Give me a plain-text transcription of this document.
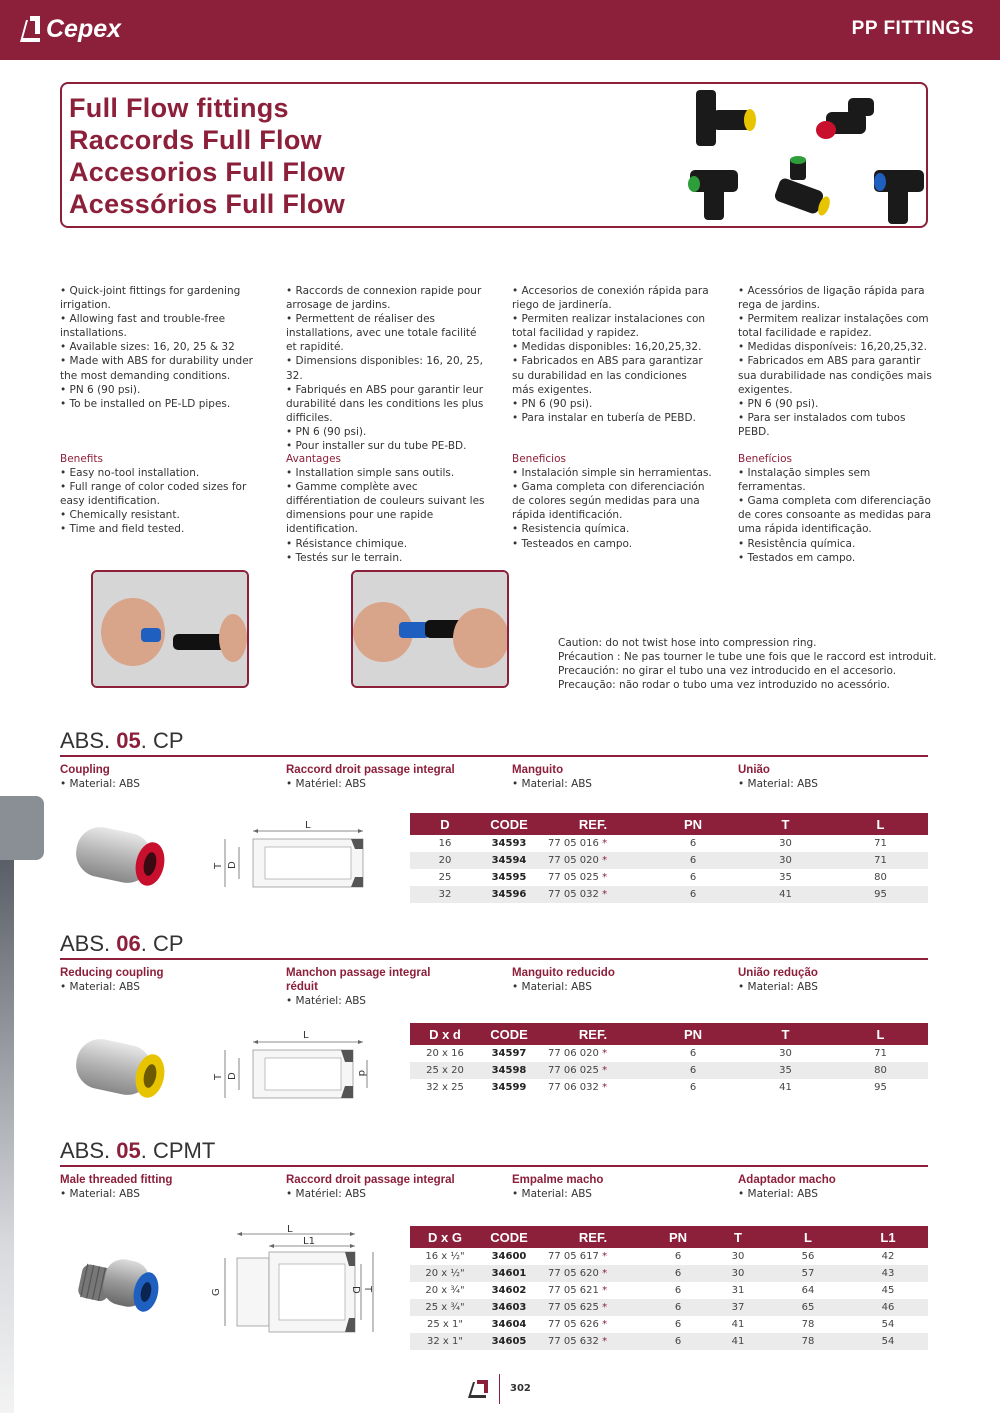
Cepex	PP FITTINGS
Full Flow fittings
Raccords Full Flow
Accesorios Full Flow
Acessórios Full Flow
• Quick-joint fittings for gardening irrigation.
• Allowing fast and trouble-free installations.
• Available sizes: 16, 20, 25 & 32
• Made with ABS for durability under the most demanding conditions.
• PN 6 (90 psi).
• To be installed on PE-LD pipes.
• Raccords de connexion rapide pour arrosage de jardins.
• Permettent de réaliser des installations, avec une totale facilité et rapidité.
• Dimensions disponibles: 16, 20, 25, 32.
• Fabriqués en ABS pour garantir leur durabilité dans les conditions les plus difficiles.
• PN 6 (90 psi).
• Pour installer sur du tube PE-BD.
• Accesorios de conexión rápida para riego de jardinería.
• Permiten realizar instalaciones con total facilidad y rapidez.
• Medidas disponibles: 16,20,25,32.
• Fabricados en ABS para garantizar su durabilidad en las condiciones más exigentes.
• PN 6 (90 psi).
• Para instalar en tubería de PEBD.
• Acessórios de ligação rápida para rega de jardins.
• Permitem realizar instalações com total facilidade e rapidez.
• Medidas disponíveis: 16,20,25,32.
• Fabricados em ABS para garantir sua durabilidade nas condições mais exigentes.
• PN 6 (90 psi).
• Para ser instalados com tubos PEBD.
Benefits
• Easy no-tool installation.
• Full range of color coded sizes for easy identification.
• Chemically resistant.
• Time and field tested.
Avantages
• Installation simple sans outils.
• Gamme complète avec différentiation de couleurs suivant les dimensions pour une rapide identification.
• Résistance chimique.
• Testés sur le terrain.
Beneficios
• Instalación simple sin herramientas.
• Gama completa con diferenciación de colores según medidas para una rápida identificación.
• Resistencia química.
• Testeados en campo.
Benefícios
• Instalação simples sem ferramentas.
• Gama completa com diferenciação de cores consoante as medidas para uma rápida identificação.
• Resistência química.
• Testados em campo.
Caution: do not twist hose into compression ring.
Précaution : Ne pas tourner le tube une fois que le raccord est introduit.
Precaución: no girar el tubo una vez introducido en el accesorio.
Precaução: não rodar o tubo uma vez introduzido no acessório.
ABS. 05. CP
Coupling
• Material: ABS
Raccord droit passage integral
• Matériel: ABS
Manguito
• Material: ABS
União
• Material: ABS
L
T D
D	CODE	REF.	PN	T	L
16	34593	77 05 016 *	6	30	71
20	34594	77 05 020 *	6	30	71
25	34595	77 05 025 *	6	35	80
32	34596	77 05 032 *	6	41	95
ABS. 06. CP
Reducing coupling
• Material: ABS
Manchon passage integral réduit
• Matériel: ABS
Manguito reducido
• Material: ABS
União redução
• Material: ABS
L
T D	d
D x d	CODE	REF.	PN	T	L
20 x 16	34597	77 06 020 *	6	30	71
25 x 20	34598	77 06 025 *	6	35	80
32 x 25	34599	77 06 032 *	6	41	95
ABS. 05. CPMT
Male threaded fitting
• Material: ABS
Raccord droit passage integral
• Matériel: ABS
Empalme macho
• Material: ABS
Adaptador macho
• Material: ABS
L
L1
G	D T
D x G	CODE	REF.	PN	T	L	L1
16 x ½"	34600	77 05 617 *	6	30	56	42
20 x ½"	34601	77 05 620 *	6	30	57	43
20 x ¾"	34602	77 05 621 *	6	31	64	45
25 x ¾"	34603	77 05 625 *	6	37	65	46
25 x 1"	34604	77 05 626 *	6	41	78	54
32 x 1"	34605	77 05 632 *	6	41	78	54
302
